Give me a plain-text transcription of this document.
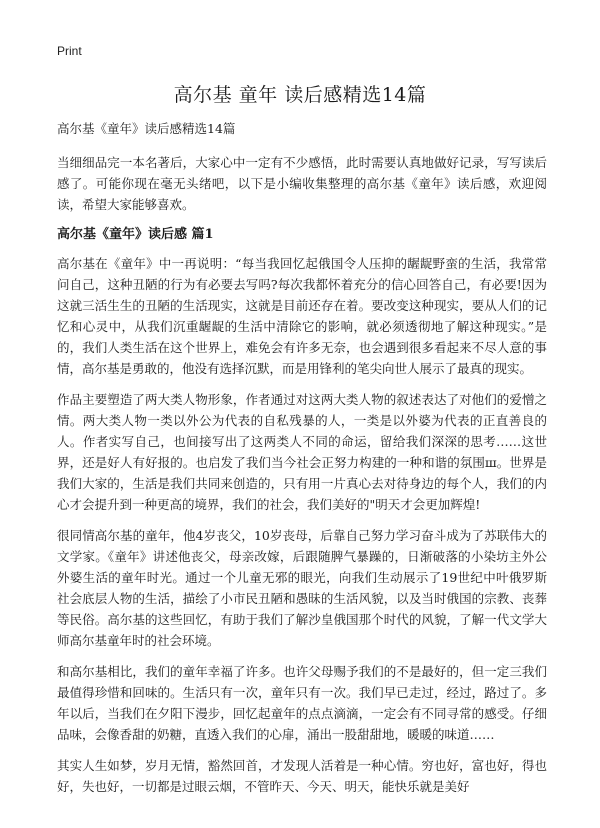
Print
高尔基 童年 读后感精选14篇
高尔基《童年》读后感精选14篇

当细细品完一本名著后，大家心中一定有不少感悟，此时需要认真地做好记录，写写读后感了。可能你现在毫无头绪吧，以下是小编收集整理的高尔基《童年》读后感，欢迎阅读，希望大家能够喜欢。

高尔基《童年》读后感 篇1

高尔基在《童年》中一再说明：“每当我回忆起俄国令人压抑的龌龊野蛮的生活，我常常问自己，这种丑陋的行为有必要去写吗?每次我都怀着充分的信心回答自己，有必要!因为这就三活生生的丑陋的生活现实，这就是目前还存在着。要改变这种现实，要从人们的记忆和心灵中，从我们沉重龌龊的生活中清除它的影响，就必须透彻地了解这种现实。”是的，我们人类生活在这个世界上，难免会有许多无奈，也会遇到很多看起来不尽人意的事情，高尔基是勇敢的，他没有选择沉默，而是用锋利的笔尖向世人展示了最真的现实。

作品主要塑造了两大类人物形象，作者通过对这两大类人物的叙述表达了对他们的爱憎之情。两大类人物一类以外公为代表的自私残暴的人，一类是以外婆为代表的正直善良的人。作者实写自己，也间接写出了这两类人不同的命运，留给我们深深的思考……这世界，还是好人有好报的。也启发了我们当今社会正努力构建的一种和谐的氛围ш。世界是我们大家的，生活是我们共同来创造的，只有用一片真心去对待身边的每个人，我们的内心才会提升到一种更高的境界，我们的社会，我们美好的"明天才会更加辉煌!

很同情高尔基的童年，他4岁丧父，10岁丧母，后靠自己努力学习奋斗成为了苏联伟大的文学家。《童年》讲述他丧父，母亲改嫁，后跟随脾气暴躁的，日渐破落的小染坊主外公外婆生活的童年时光。通过一个儿童无邪的眼光，向我们生动展示了19世纪中叶俄罗斯社会底层人物的生活，描绘了小市民丑陋和愚昧的生活风貌，以及当时俄国的宗教、丧葬等民俗。高尔基的这些回忆，有助于我们了解沙皇俄国那个时代的风貌，了解一代文学大师高尔基童年时的社会环境。

和高尔基相比，我们的童年幸福了许多。也许父母赐予我们的不是最好的，但一定三我们最值得珍惜和回味的。生活只有一次，童年只有一次。我们早已走过，经过，路过了。多年以后，当我们在夕阳下漫步，回忆起童年的点点滴滴，一定会有不同寻常的感受。仔细品味，会像香甜的奶糖，直透入我们的心扉，涌出一股甜甜地，暖暖的味道……

其实人生如梦，岁月无情，豁然回首，才发现人活着是一种心情。穷也好，富也好，得也好，失也好，一切都是过眼云烟，不管昨天、今天、明天，能快乐就是美好
